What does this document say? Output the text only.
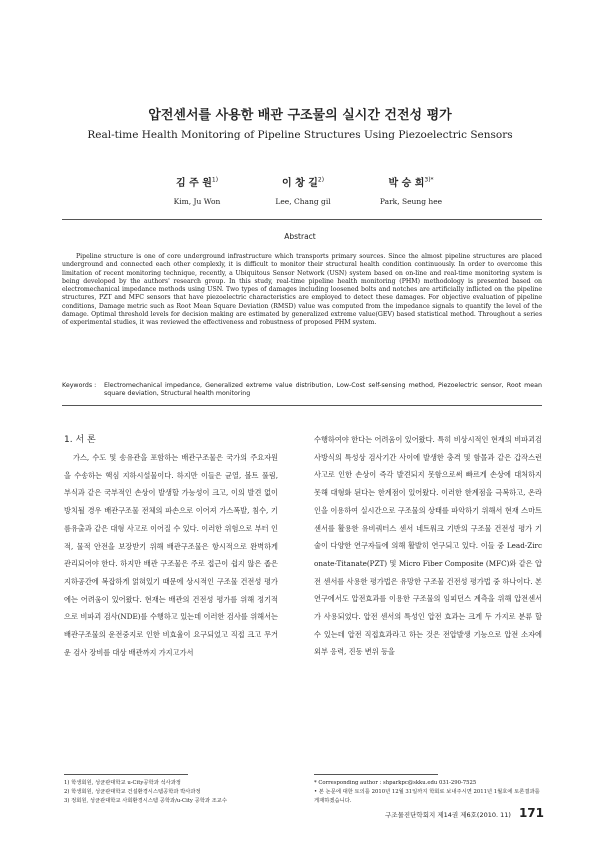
압전센서를 사용한 배관 구조물의 실시간 건전성 평가
Real-time Health Monitoring of Pipeline Structures Using Piezoelectric Sensors
김 주 원$^{1)}$
Kim, Ju Won
이 창 길$^{2)}$
Lee, Chang gil
박 승 희$^{3)*}$
Park, Seung hee
Abstract

Pipeline structure is one of core underground infrastructure which transports primary sources. Since the almost pipeline structures are placed underground and connected each other complexly, it is difficult to monitor their structural health condition continuously. In order to overcome this limitation of recent monitoring technique, recently, a Ubiquitous Sensor Network (USN) system based on on-line and real-time monitoring system is being developed by the authors' research group. In this study, real-time pipeline health monitoring (PHM) methodology is presented based on electromechanical impedance methods using USN. Two types of damages including loosened bolts and notches are artificially inflicted on the pipeline structures, PZT and MFC sensors that have piezoelectric characteristics are employed to detect these damages. For objective evaluation of pipeline conditions, Damage metric such as Root Mean Square Deviation (RMSD) value was computed from the impedance signals to quantify the level of the damage. Optimal threshold levels for decision making are estimated by generalized extreme value(GEV) based statistical method. Throughout a series of experimental studies, it was reviewed the effectiveness and robustness of proposed PHM system.

Keywords :	Electromechanical impedance, Generalized extreme value distribution, Low-Cost self-sensing method, Piezoelectric sensor, Root mean square deviation, Structural health monitoring
1. 서 론

가스, 수도 및 송유관을 포함하는 배관구조물은 국가의 주요자원을 수송하는 핵심 지하시설물이다. 하지만 이들은 균열, 볼트 풀림, 부식과 같은 국부적인 손상이 발생할 가능성이 크고, 이의 발견 없이 방치될 경우 배관구조물 전체의 파손으로 이어져 가스폭발, 침수, 기름유출과 같은 대형 사고로 이어질 수 있다. 이러한 위험으로 부터 인적, 물적 안전을 보장받기 위해 배관구조물은 항시적으로 완벽하게 관리되어야 한다. 하지만 배관 구조물은 주로 접근이 쉽지 않은 좁은 지하공간에 복잡하게 얽혀있기 때문에 상시적인 구조물 건전성 평가에는 어려움이 있어왔다. 현재는 배관의 건전성 평가를 위해 정기적으로 비파괴 검사(NDE)를 수행하고 있는데 이러한 검사를 위해서는 배관구조물의 운전중지로 인한 비효율이 요구되었고 직접 크고 무거운 검사 장비를 대상 배관까지 가지고가서

수행하여야 한다는 어려움이 있어왔다. 특히 비상시적인 현재의 비파괴검사방식의 특성상 검사기간 사이에 발생한 충격 및 함몰과 같은 갑작스런 사고로 인한 손상이 즉각 발견되지 못함으로써 빠르게 손상에 대처하지 못해 대형화 된다는 한계점이 있어왔다. 이러한 한계점을 극복하고, 온라인을 이용하여 실시간으로 구조물의 상태를 파악하기 위해서 현재 스마트 센서를 활용한 유비쿼터스 센서 네트워크 기반의 구조물 건전성 평가 기술이 다양한 연구자들에 의해 활발히 연구되고 있다. 이들 중 Lead-Zirconate-Titanate(PZT) 및 Micro Fiber Composite (MFC)와 같은 압전 센서를 사용한 평가법은 유망한 구조물 건전성 평가법 중 하나이다. 본 연구에서도 압전효과를 이용한 구조물의 임피던스 계측을 위해 압전센서가 사용되었다. 압전 센서의 특성인 압전 효과는 크게 두 가지로 분류 할 수 있는데 압전 직접효과라고 하는 것은 전압발생 기능으로 압전 소자에 외부 응력, 진동 변위 등을

1) 학생회원, 성균관대학교 u-City공학과 석사과정
2) 학생회원, 성균관대학교 건설환경시스템공학과 박사과정
3) 정회원, 성균관대학교 사회환경시스템 공학과/u-City 공학과 조교수
* Corresponding author : shparkpc@skku.edu 031-290-7525
• 본 논문에 대한 토의를 2010년 12월 31일까지 학회로 보내주시면 2011년 1월호에 토론결과를 게재하겠습니다.
구조물진단학회지 제14권 제6호(2010. 11) 171
